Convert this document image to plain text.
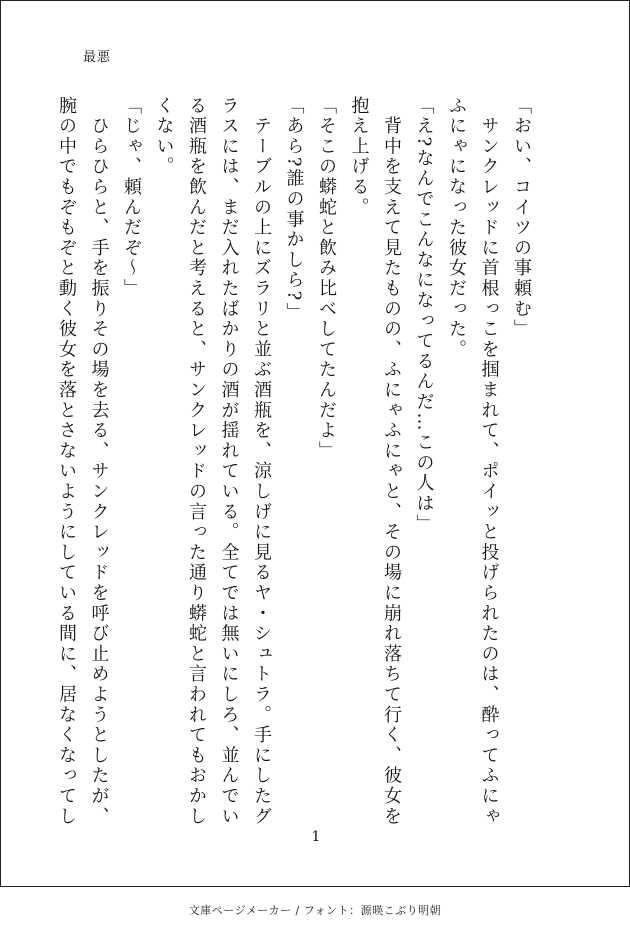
最悪
「おい、コイツの事頼む」
　サンクレッドに首根っこを掴まれて、ポイッと投げられたのは、酔ってふにゃ
ふにゃになった彼女だった。
「え?なんでこんなになってるんだ…この人は」
　背中を支えて見たものの、ふにゃふにゃと、その場に崩れ落ちて行く、彼女を
抱え上げる。
「そこの蟒蛇と飲み比べしてたんだよ」
「あら?誰の事かしら?」
　テーブルの上にズラリと並ぶ酒瓶を、涼しげに見るヤ・シュトラ。手にしたグ
ラスには、まだ入れたばかりの酒が揺れている。全てでは無いにしろ、並んでい
る酒瓶を飲んだと考えると、サンクレッドの言った通り蟒蛇と言われてもおかし
くない。
「じゃ、頼んだぞ〜」
　ひらひらと、手を振りその場を去る、サンクレッドを呼び止めようとしたが、
腕の中でもぞもぞと動く彼女を落とさないようにしている間に、居なくなってし
1
文庫ページメーカー / フォント：源暎こぶり明朝
